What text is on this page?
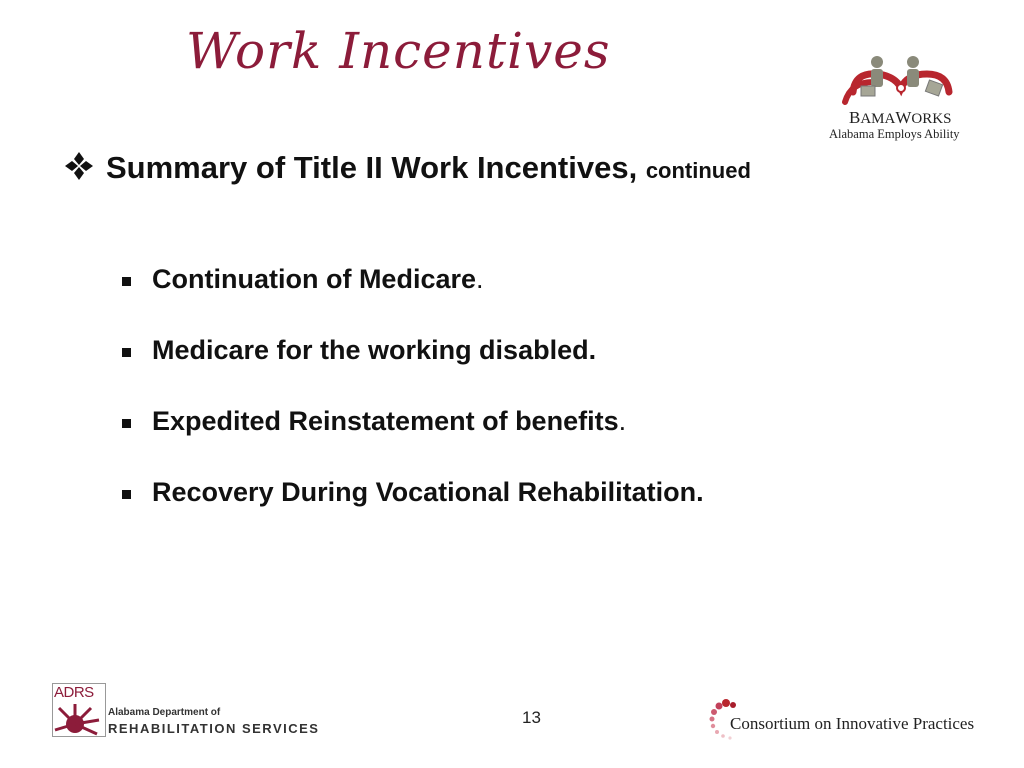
Work Incentives
BAMAWORKS
Alabama Employs Ability
Summary of Title II Work Incentives, continued
Continuation of Medicare.
Medicare for the working disabled.
Expedited Reinstatement of benefits.
Recovery During Vocational Rehabilitation.
ADRS
Alabama Department of
REHABILITATION SERVICES
13	Consortium on Innovative Practices
